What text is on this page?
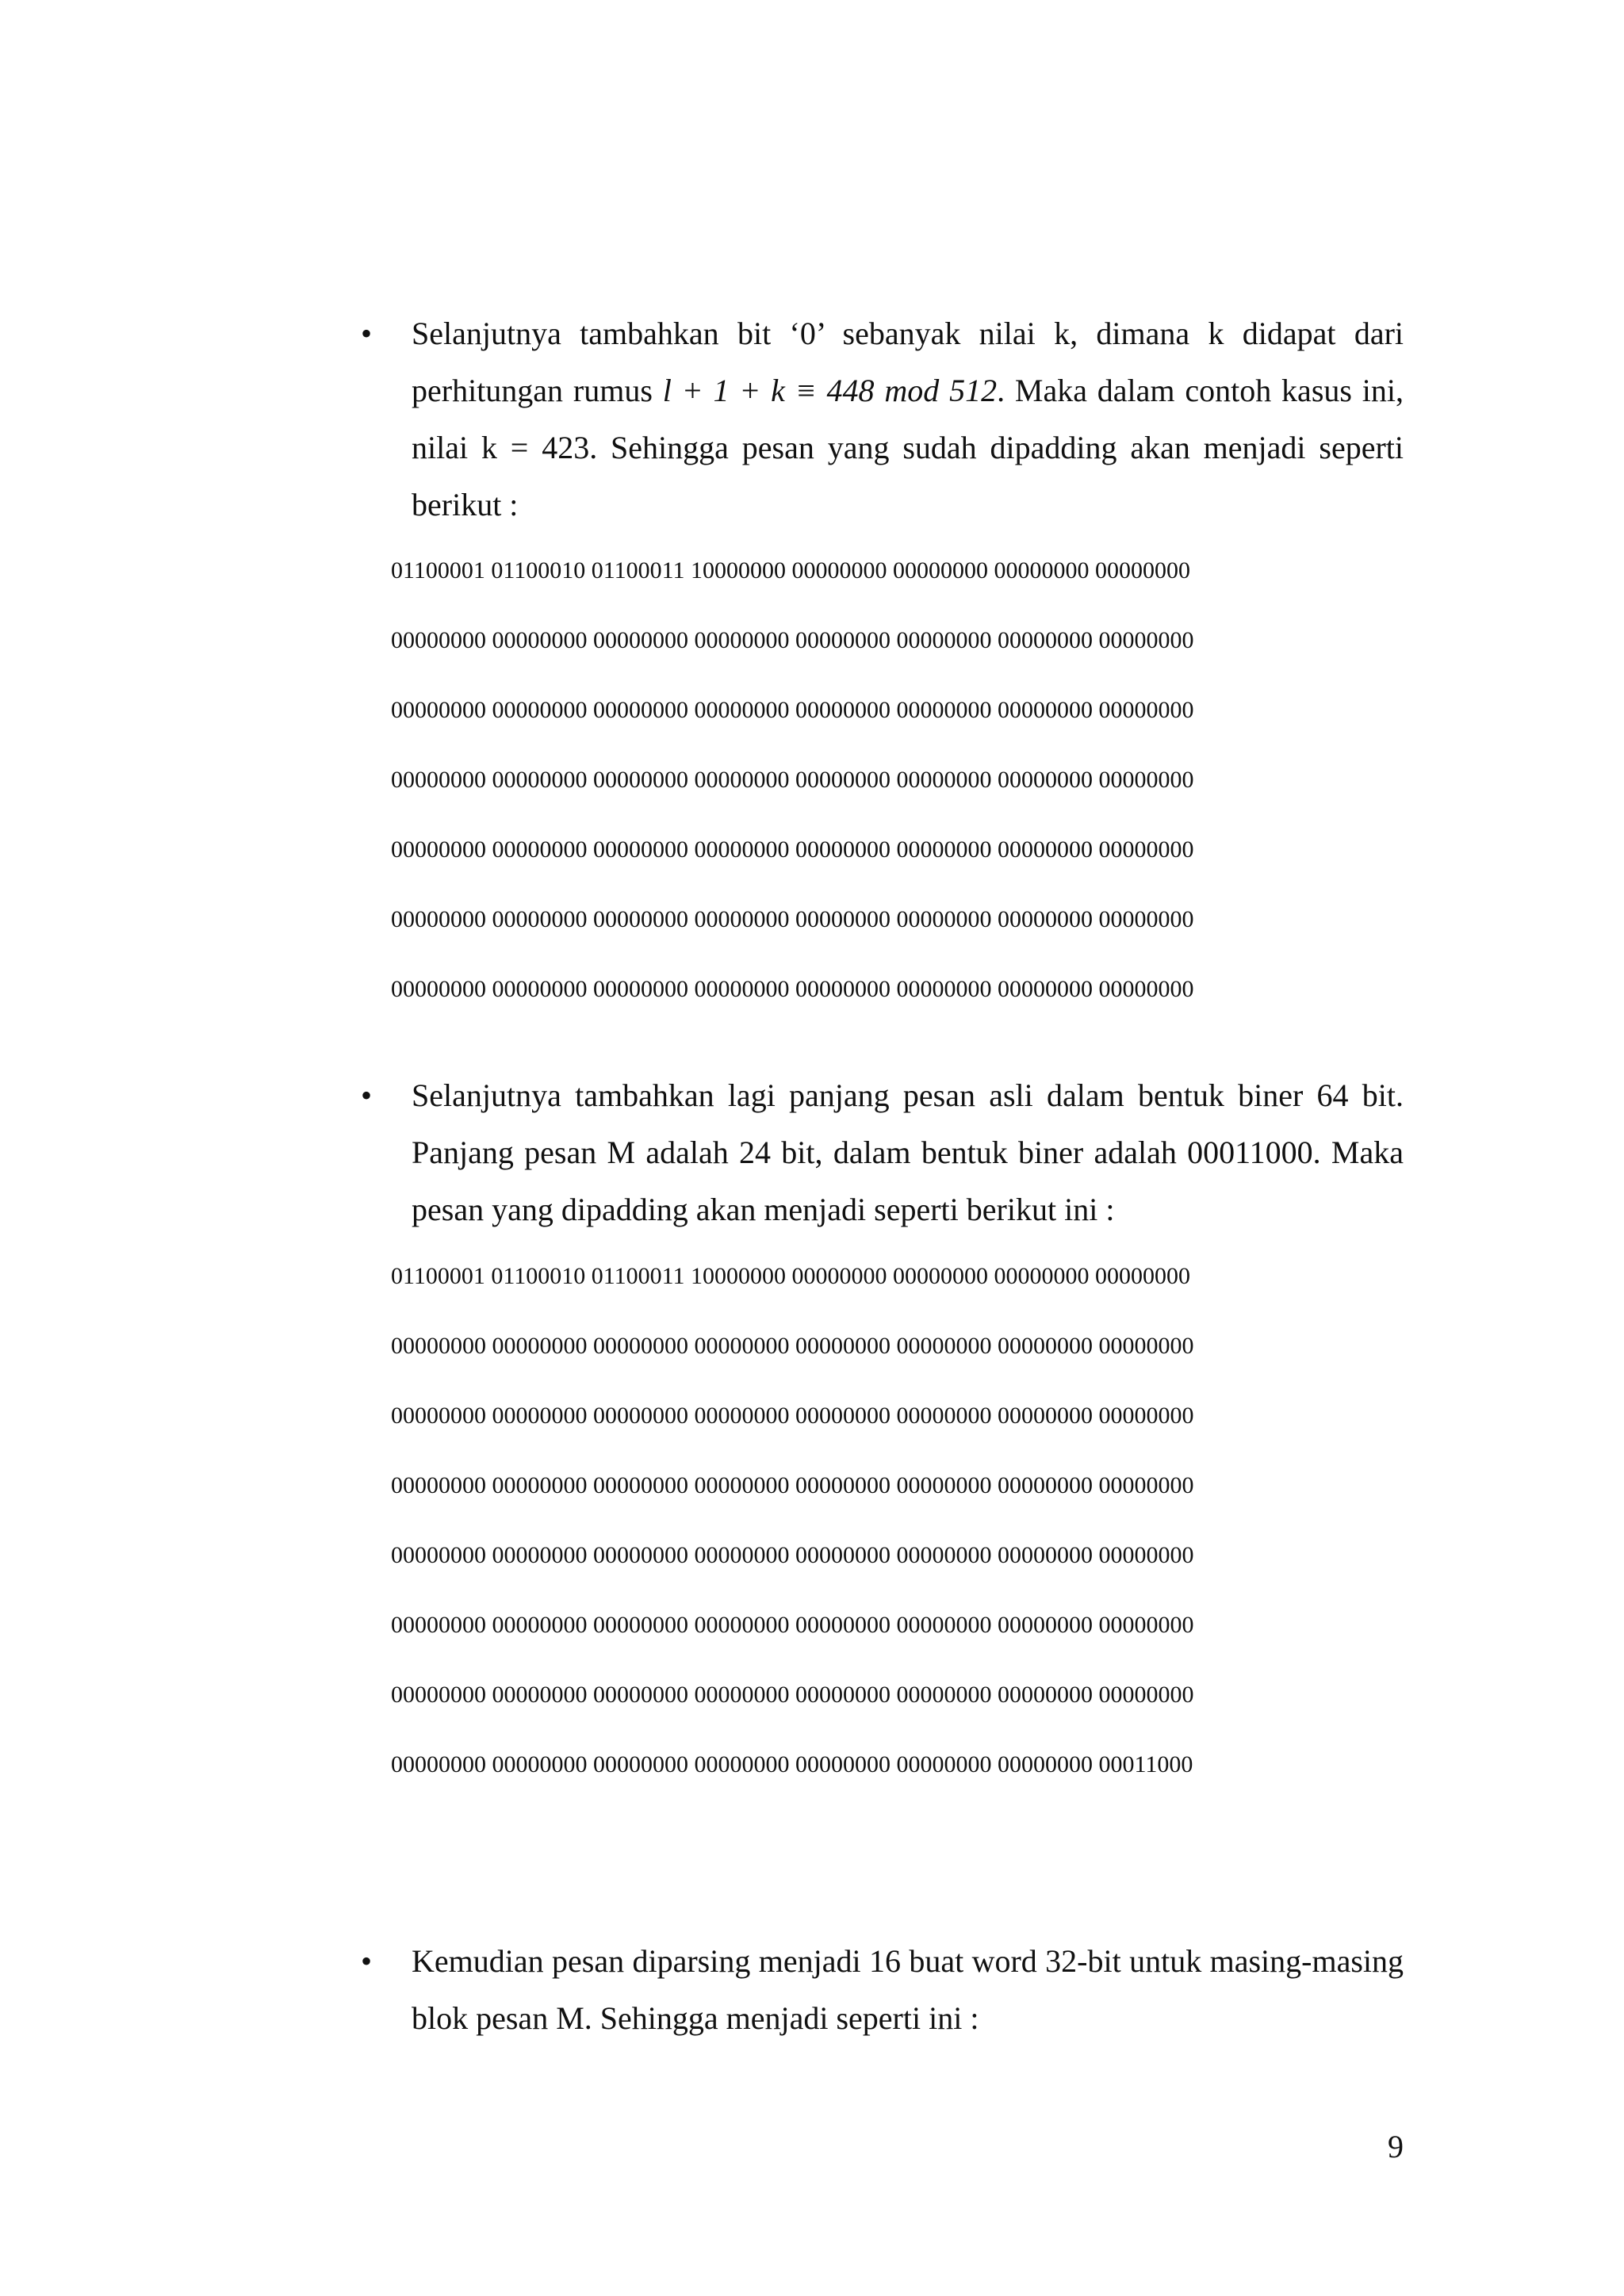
• Selanjutnya tambahkan bit ‘0’ sebanyak nilai k, dimana k didapat dari perhitungan rumus l + 1 + k ≡ 448 mod 512. Maka dalam contoh kasus ini, nilai k = 423. Sehingga pesan yang sudah dipadding akan menjadi seperti berikut :

01100001 01100010 01100011 10000000 00000000 00000000 00000000 00000000
00000000 00000000 00000000 00000000 00000000 00000000 00000000 00000000
00000000 00000000 00000000 00000000 00000000 00000000 00000000 00000000
00000000 00000000 00000000 00000000 00000000 00000000 00000000 00000000
00000000 00000000 00000000 00000000 00000000 00000000 00000000 00000000
00000000 00000000 00000000 00000000 00000000 00000000 00000000 00000000
00000000 00000000 00000000 00000000 00000000 00000000 00000000 00000000
• Selanjutnya tambahkan lagi panjang pesan asli dalam bentuk biner 64 bit. Panjang pesan M adalah 24 bit, dalam bentuk biner adalah 00011000. Maka pesan yang dipadding akan menjadi seperti berikut ini :

01100001 01100010 01100011 10000000 00000000 00000000 00000000 00000000
00000000 00000000 00000000 00000000 00000000 00000000 00000000 00000000
00000000 00000000 00000000 00000000 00000000 00000000 00000000 00000000
00000000 00000000 00000000 00000000 00000000 00000000 00000000 00000000
00000000 00000000 00000000 00000000 00000000 00000000 00000000 00000000
00000000 00000000 00000000 00000000 00000000 00000000 00000000 00000000
00000000 00000000 00000000 00000000 00000000 00000000 00000000 00000000
00000000 00000000 00000000 00000000 00000000 00000000 00000000 00011000
• Kemudian pesan diparsing menjadi 16 buat word 32-bit untuk masing-masing blok pesan M. Sehingga menjadi seperti ini :

9
